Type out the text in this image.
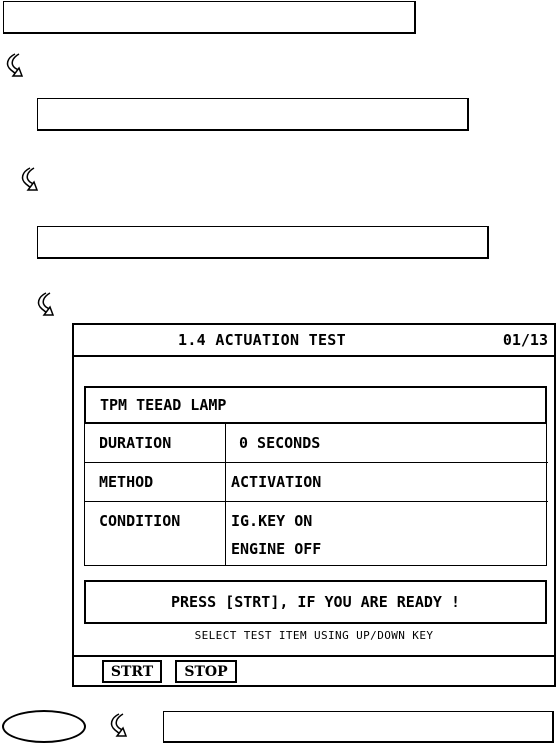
1.4 ACTUATION TEST	01/13
TPM TEEAD LAMP
DURATION	0 SECONDS
METHOD	ACTIVATION
CONDITION	IG.KEY ON
ENGINE OFF
PRESS [STRT], IF YOU ARE READY !
SELECT TEST ITEM USING UP/DOWN KEY
STRT	STOP
